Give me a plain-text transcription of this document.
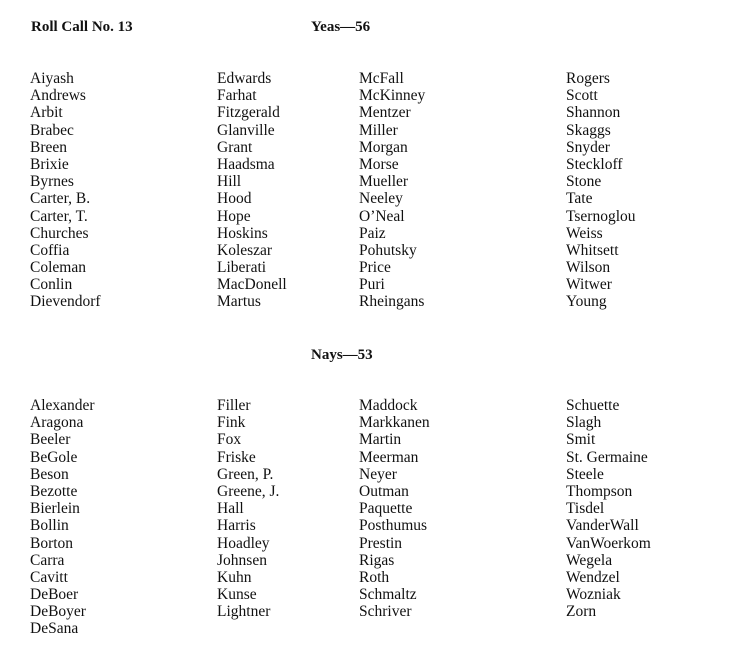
Roll Call No. 13	Yeas—56
Aiyash
Andrews
Arbit
Brabec
Breen
Brixie
Byrnes
Carter, B.
Carter, T.
Churches
Coffia
Coleman
Conlin
Dievendorf
Edwards
Farhat
Fitzgerald
Glanville
Grant
Haadsma
Hill
Hood
Hope
Hoskins
Koleszar
Liberati
MacDonell
Martus
McFall
McKinney
Mentzer
Miller
Morgan
Morse
Mueller
Neeley
O’Neal
Paiz
Pohutsky
Price
Puri
Rheingans
Rogers
Scott
Shannon
Skaggs
Snyder
Steckloff
Stone
Tate
Tsernoglou
Weiss
Whitsett
Wilson
Witwer
Young
Nays—53
Alexander
Aragona
Beeler
BeGole
Beson
Bezotte
Bierlein
Bollin
Borton
Carra
Cavitt
DeBoer
DeBoyer
DeSana
Filler
Fink
Fox
Friske
Green, P.
Greene, J.
Hall
Harris
Hoadley
Johnsen
Kuhn
Kunse
Lightner
Maddock
Markkanen
Martin
Meerman
Neyer
Outman
Paquette
Posthumus
Prestin
Rigas
Roth
Schmaltz
Schriver
Schuette
Slagh
Smit
St. Germaine
Steele
Thompson
Tisdel
VanderWall
VanWoerkom
Wegela
Wendzel
Wozniak
Zorn
